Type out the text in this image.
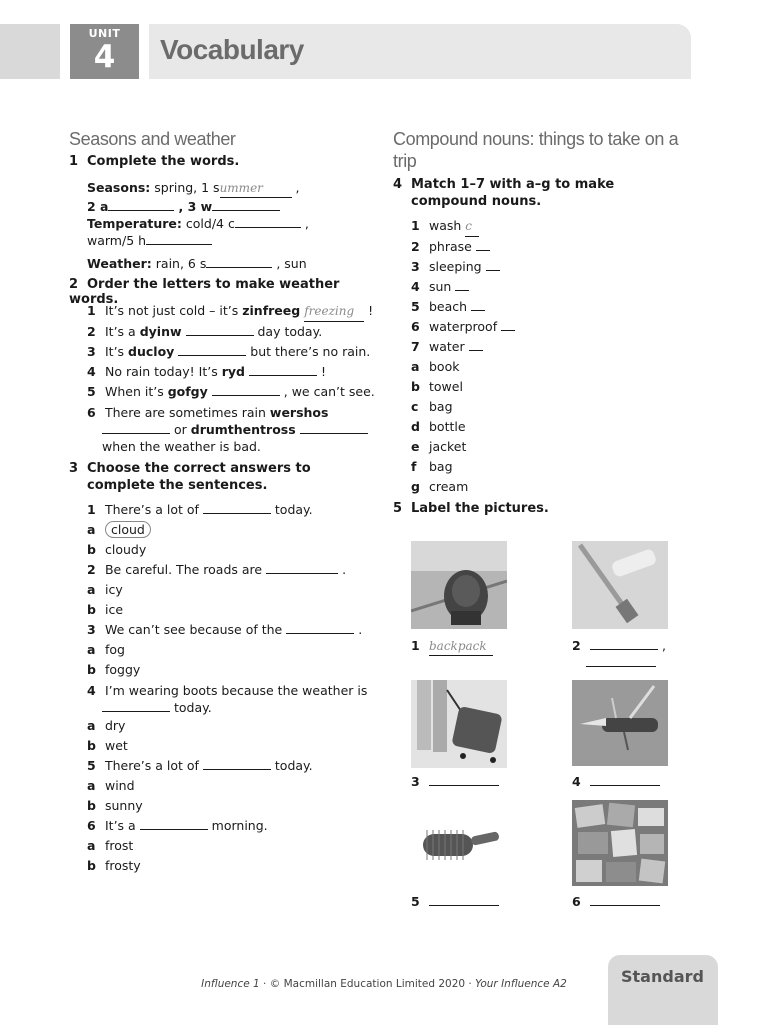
UNIT
4	Vocabulary
Seasons and weather
1 Complete the words.
Seasons: spring, 1 summer ,
2 a	, 3 w
Temperature: cold/4 c	,
warm/5 h
Weather: rain, 6 s	, sun
2 Order the letters to make weather words.
1 It’s not just cold – it’s zinfreeg freezing !
2 It’s a dyinw	day today.
3 It’s ducloy	but there’s no rain.
4 No rain today! It’s ryd	!
5 When it’s gofgy	, we can’t see.
6 There are sometimes rain wershos
or drumthentross
when the weather is bad.
3 Choose the correct answers to complete the sentences.
1 There’s a lot of	today.
a cloud
b cloudy
2 Be careful. The roads are	.
a icy
b ice
3 We can’t see because of the	.
a fog
b foggy
4 I’m wearing boots because the weather is
today.
a dry
b wet
5 There’s a lot of	today.
a wind
b sunny
6 It’s a	morning.
a frost
b frosty
Compound nouns: things to take on a trip
4 Match 1–7 with a–g to make compound nouns.
1 wash c
2 phrase
3 sleeping
4 sun
5 beach
6 waterproof
7 water
a book
b towel
c bag
d bottle
e jacket
f bag
g cream
5 Label the pictures.
1 backpack	2	,

3	4
5	6
Influence 1 · © Macmillan Education Limited 2020 · Your Influence A2	Standard
